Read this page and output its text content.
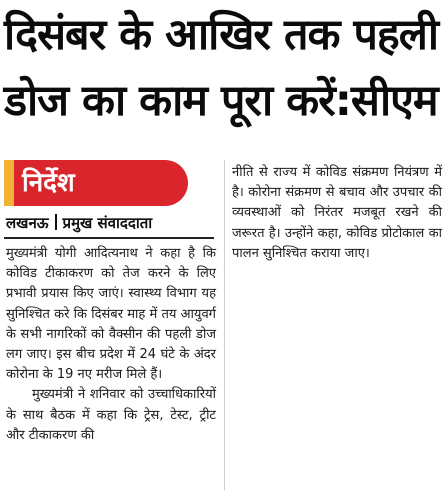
दिसंबर के आखिर तक पहली
डोज का काम पूरा करें:सीएम
निर्देश
लखनऊ प्रमुख संवाददाता

मुख्यमंत्री योगी आदित्यनाथ ने कहा है कि कोविड टीकाकरण को तेज करने के लिए प्रभावी प्रयास किए जाएं। स्वास्थ्य विभाग यह सुनिश्चित करे कि दिसंबर माह में तय आयुवर्ग के सभी नागरिकों को वैक्सीन की पहली डोज लग जाए। इस बीच प्रदेश में 24 घंटे के अंदर कोरोना के 19 नए मरीज मिले हैं।

मुख्यमंत्री ने शनिवार को उच्चाधिकारियों के साथ बैठक में कहा कि ट्रेस, टेस्ट, ट्रीट और टीकाकरण की

नीति से राज्य में कोविड संक्रमण नियंत्रण में है। कोरोना संक्रमण से बचाव और उपचार की व्यवस्थाओं को निरंतर मजबूत रखने की जरूरत है। उन्होंने कहा, कोविड प्रोटोकाल का पालन सुनिश्चित कराया जाए।
